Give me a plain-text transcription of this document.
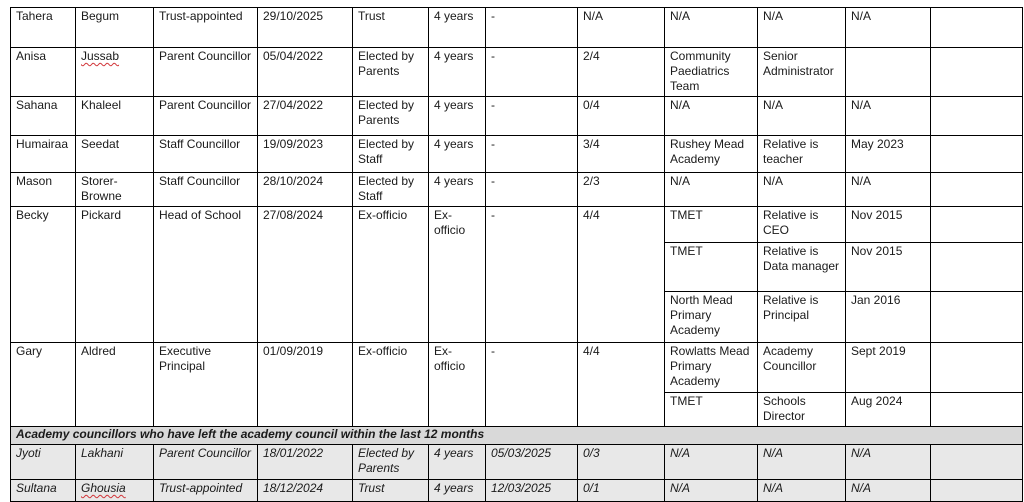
Tahera	Begum	Trust-appointed	29/10/2025	Trust	4 years	-	N/A	N/A	N/A	N/A	
Anisa	Jussab	Parent Councillor	05/04/2022	Elected by Parents	4 years	-	2/4	Community Paediatrics Team	Senior Administrator		
Sahana	Khaleel	Parent Councillor	27/04/2022	Elected by Parents	4 years	-	0/4	N/A	N/A	N/A	
Humairaa	Seedat	Staff Councillor	19/09/2023	Elected by Staff	4 years	-	3/4	Rushey Mead Academy	Relative is teacher	May 2023	
Mason	Storer-Browne	Staff Councillor	28/10/2024	Elected by Staff	4 years	-	2/3	N/A	N/A	N/A	
Becky	Pickard	Head of School	27/08/2024	Ex-officio	Ex-officio	-	4/4	TMET	Relative is CEO	Nov 2015	
								TMET	Relative is Data manager	Nov 2015	
								North Mead Primary Academy	Relative is Principal	Jan 2016	
Gary	Aldred	Executive Principal	01/09/2019	Ex-officio	Ex-officio	-	4/4	Rowlatts Mead Primary Academy	Academy Councillor	Sept 2019	
								TMET	Schools Director	Aug 2024	
Academy councillors who have left the academy council within the last 12 months											
Jyoti	Lakhani	Parent Councillor	18/01/2022	Elected by Parents	4 years	05/03/2025	0/3	N/A	N/A	N/A	
Sultana	Ghousia	Trust-appointed	18/12/2024	Trust	4 years	12/03/2025	0/1	N/A	N/A	N/A	
